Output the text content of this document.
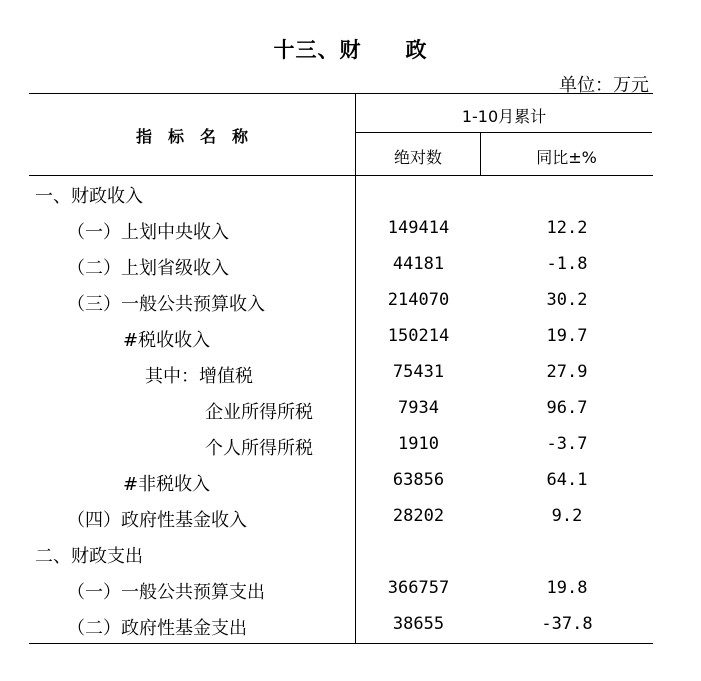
十三、财　　政
单位：万元
指　标　名　称
1-10月累计
绝对数	同比±%
一、财政收入
（一）上划中央收入	149414	12.2
（二）上划省级收入	44181	-1.8
（三）一般公共预算收入	214070	30.2
#税收收入	150214	19.7
其中：增值税	75431	27.9
企业所得所税	7934	96.7
个人所得所税	1910	-3.7
#非税收入	63856	64.1
（四）政府性基金收入	28202	9.2
二、财政支出
（一）一般公共预算支出	366757	19.8
（二）政府性基金支出	38655	-37.8
